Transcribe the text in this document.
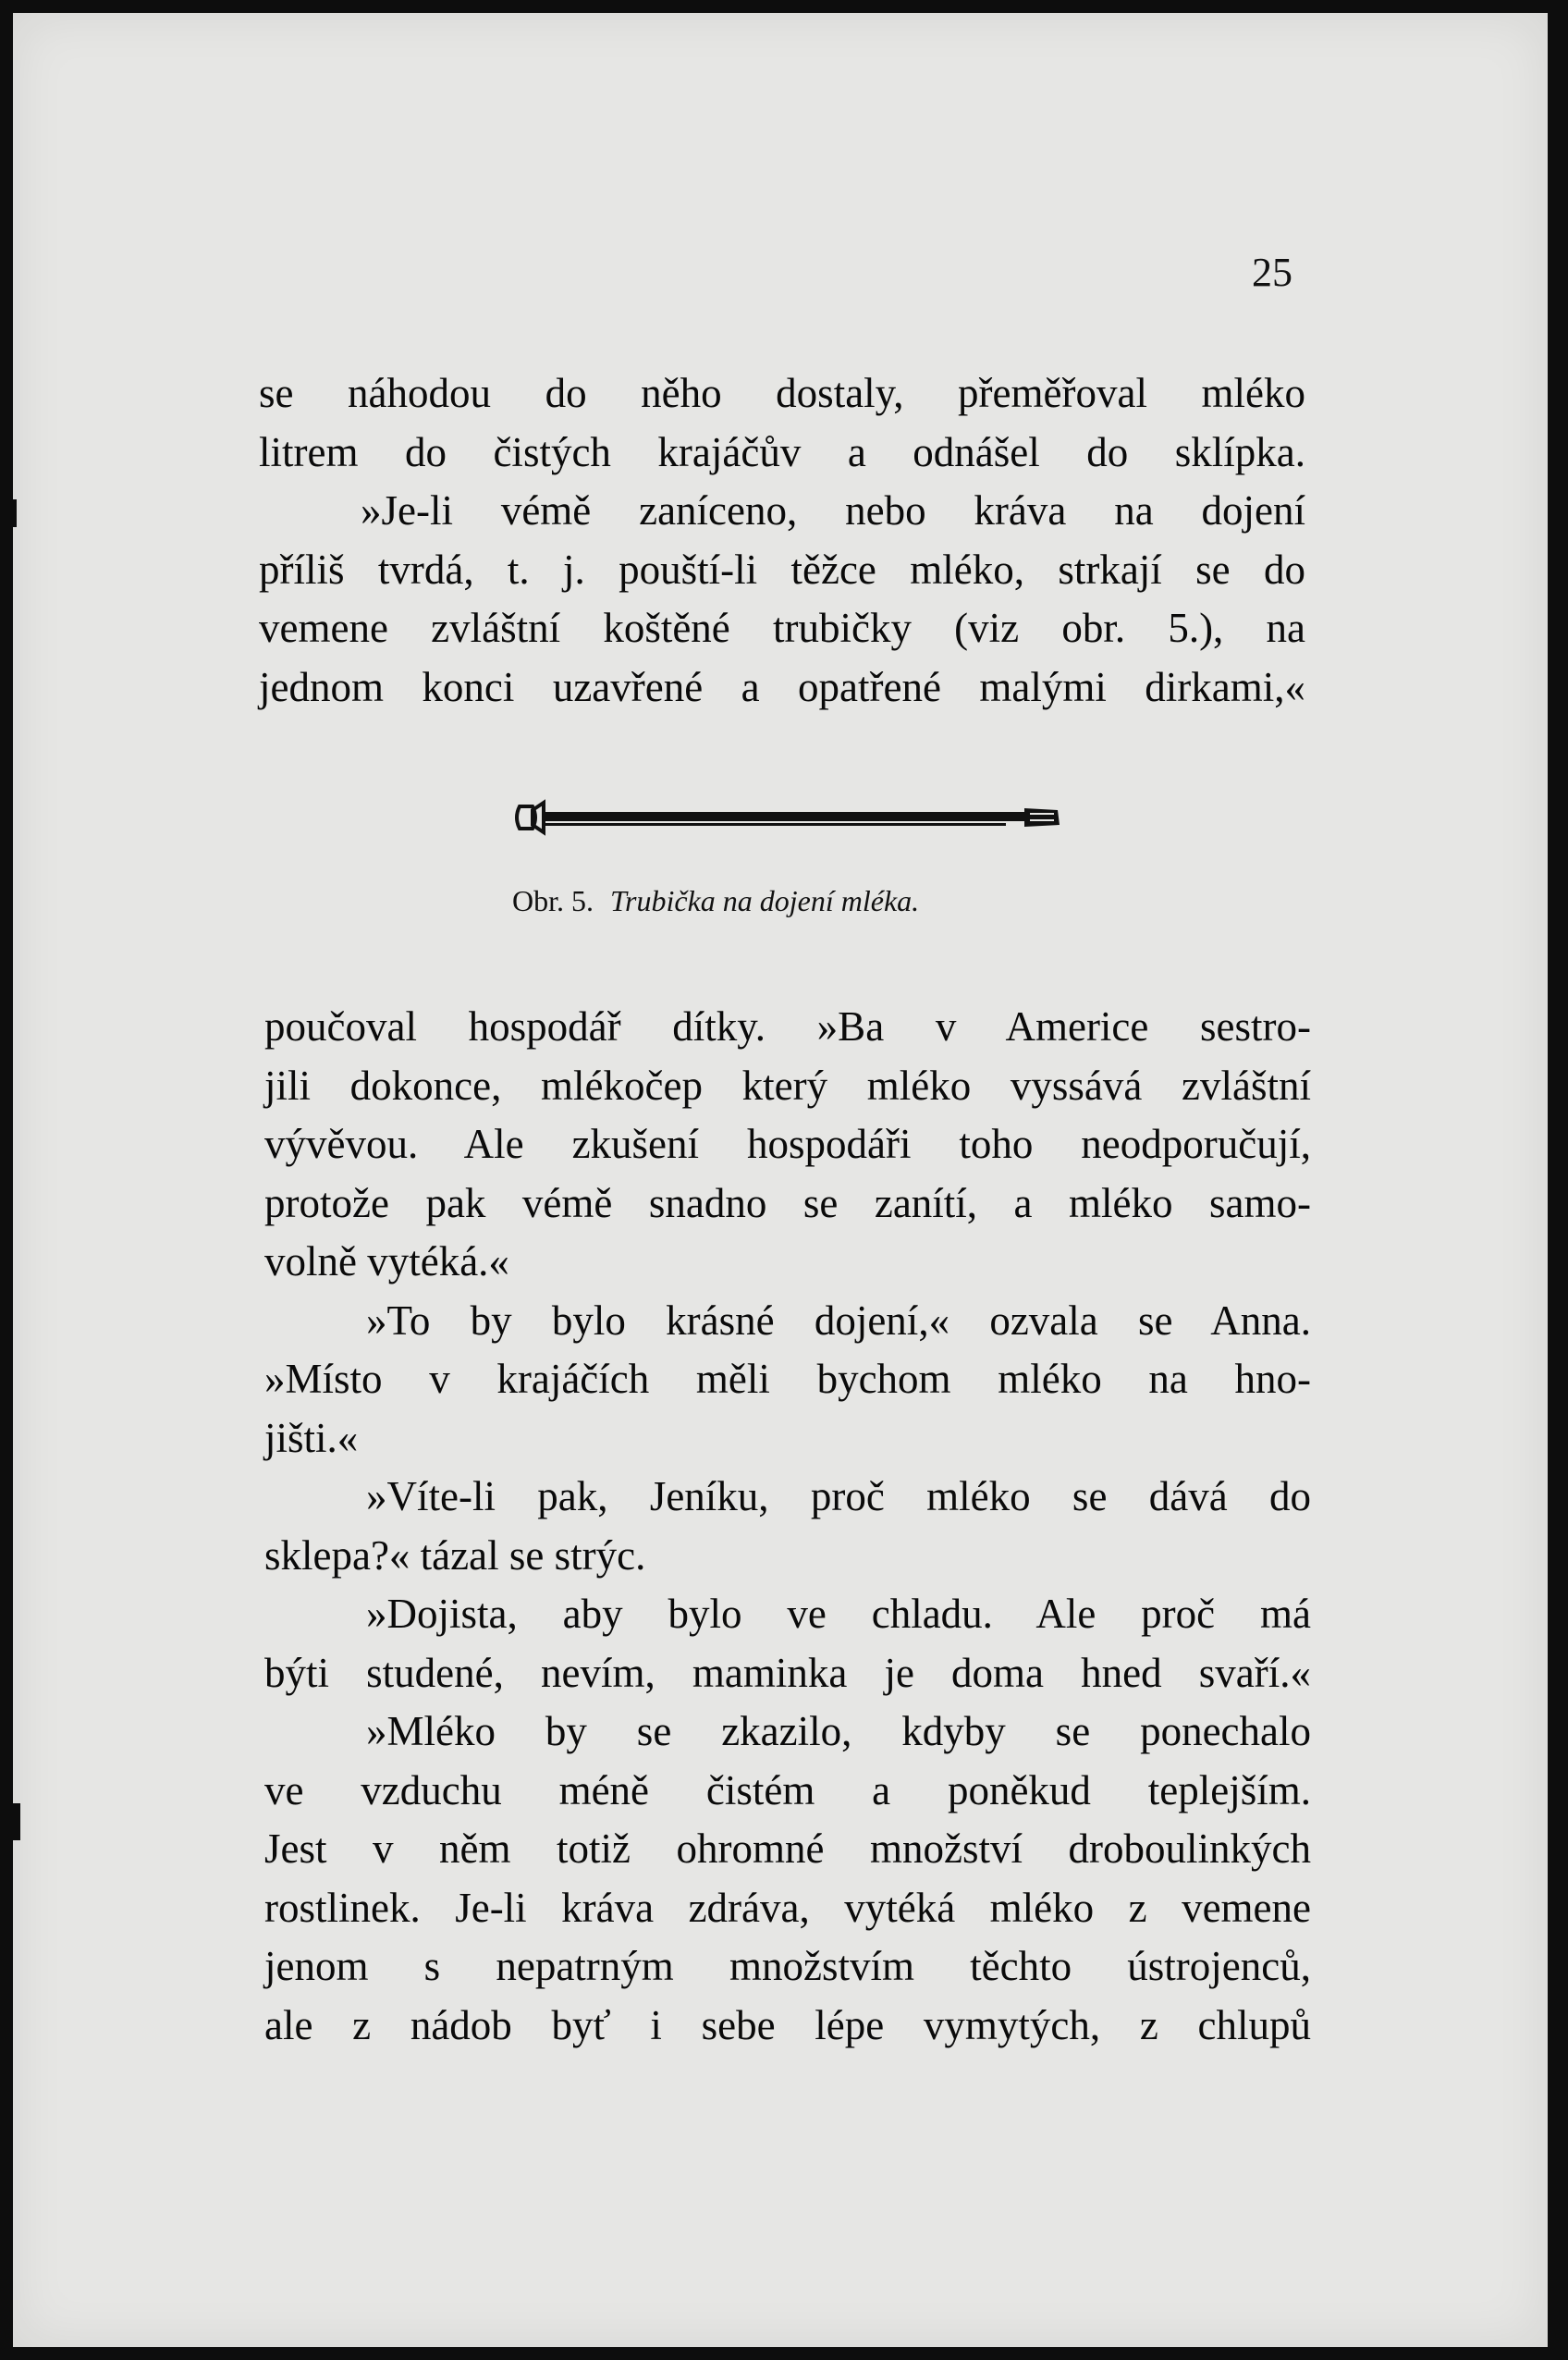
25

se náhodou do něho dostaly, přeměřoval mléko
litrem do čistých krajáčův a odnášel do sklípka.
»Je-li vémě zaníceno, nebo kráva na dojení
příliš tvrdá, t. j. pouští-li těžce mléko, strkají se do
vemene zvláštní koštěné trubičky (viz obr. 5.), na
jednom konci uzavřené a opatřené malými dirkami,«

Obr. 5. Trubička na dojení mléka.

poučoval hospodář dítky. »Ba v Americe sestro-
jili dokonce, mlékočep který mléko vyssává zvláštní
vývěvou. Ale zkušení hospodáři toho neodporučují,
protože pak vémě snadno se zanítí, a mléko samo-
volně vytéká.«
»To by bylo krásné dojení,« ozvala se Anna.
»Místo v krajáčích měli bychom mléko na hno-
jišti.«
»Víte-li pak, Jeníku, proč mléko se dává do
sklepa?« tázal se strýc.
»Dojista, aby bylo ve chladu. Ale proč má
býti studené, nevím, maminka je doma hned svaří.«
»Mléko by se zkazilo, kdyby se ponechalo
ve vzduchu méně čistém a poněkud teplejším.
Jest v něm totiž ohromné množství droboulinkých
rostlinek. Je-li kráva zdráva, vytéká mléko z vemene
jenom s nepatrným množstvím těchto ústrojenců,
ale z nádob byť i sebe lépe vymytých, z chlupů
